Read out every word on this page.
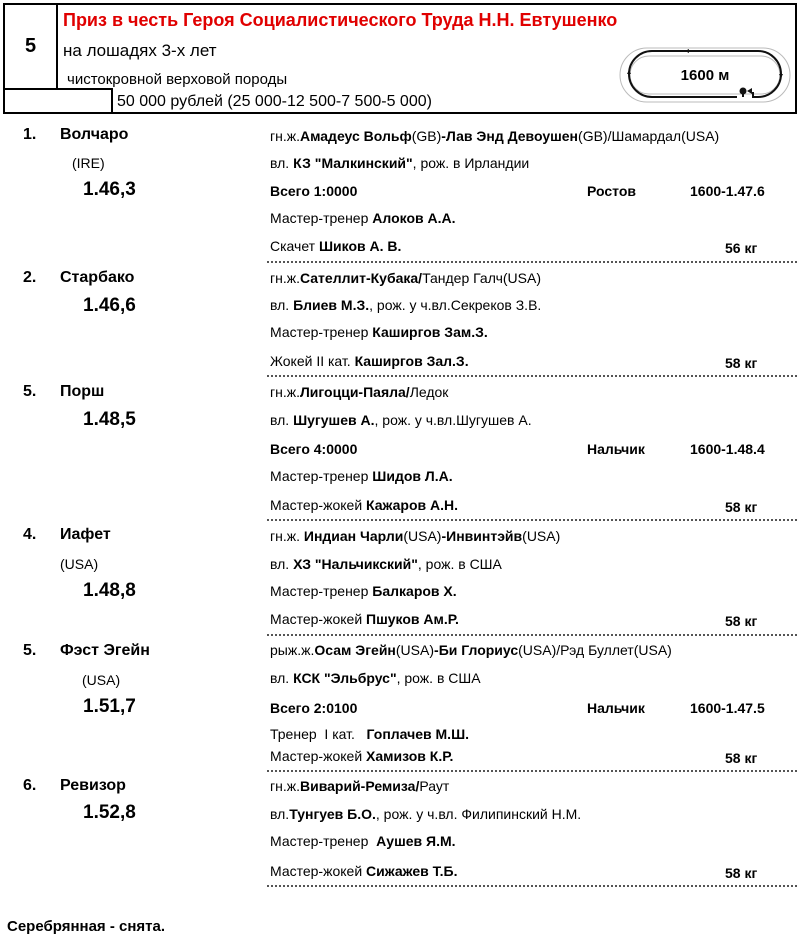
5
Приз в честь Героя Социалистического Труда Н.Н. Евтушенко
на лошадях 3-х лет
чистокровной верховой породы
50 000 рублей (25 000-12 500-7 500-5 000)
1600 м
1. Волчаро
(IRE)
1.46,3
гн.ж.Амадеус Вольф(GB)-Лав Энд Девоушен(GB)/Шамардал(USA)
вл. КЗ "Малкинский", рож. в Ирландии
Всего 1:0000	Ростов	1600-1.47.6
Мастер-тренер Алоков А.А.
Скачет Шиков А. В.	56 кг
2. Старбако
1.46,6
гн.ж.Сателлит-Кубака/Тандер Галч(USA)
вл. Блиев М.З., рож. у ч.вл.Секреков З.В.
Мастер-тренер Каширгов Зам.З.
Жокей II кат. Каширгов Зал.З.	58 кг
5. Порш
1.48,5
гн.ж.Лигоцци-Паяла/Ледок
вл. Шугушев А., рож. у ч.вл.Шугушев А.
Всего 4:0000	Нальчик	1600-1.48.4
Мастер-тренер Шидов Л.А.
Мастер-жокей Кажаров А.Н.	58 кг
4. Иафет
(USA)
1.48,8
гн.ж. Индиан Чарли(USA)-Инвинтэйв(USA)
вл. ХЗ "Нальчикский", рож. в США
Мастер-тренер Балкаров Х.
Мастер-жокей Пшуков Ам.Р.	58 кг
5. Фэст Эгейн
(USA)
1.51,7
рыж.ж.Осам Эгейн(USA)-Би Глориус(USA)/Рэд Буллет(USA)
вл. КСК "Эльбрус", рож. в США
Всего 2:0100	Нальчик	1600-1.47.5
Тренер  I кат.   Гоплачев М.Ш.
Мастер-жокей Хамизов К.Р.	58 кг
6. Ревизор
1.52,8
гн.ж.Виварий-Ремиза/Раут
вл.Тунгуев Б.О., рож. у ч.вл. Филипинский Н.М.
Мастер-тренер  Аушев Я.М.
Мастер-жокей Сижажев Т.Б.	58 кг
Серебрянная - снята.
